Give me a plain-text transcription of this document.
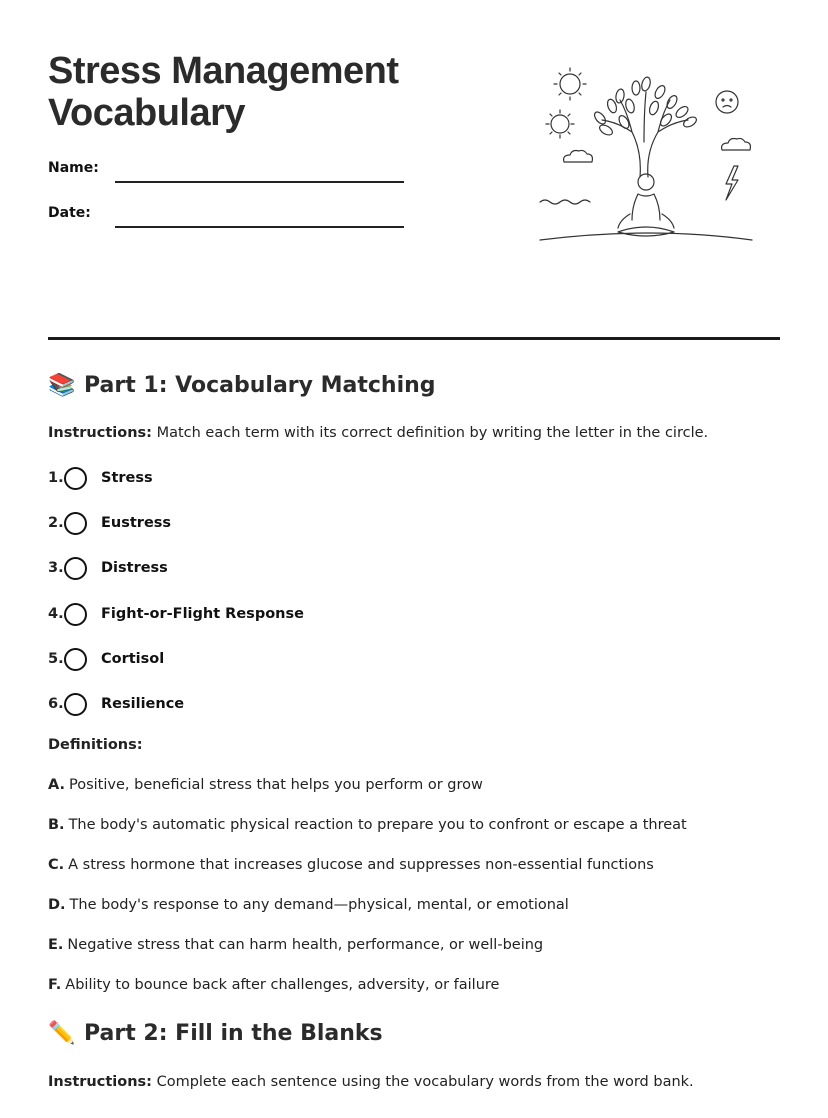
Stress Management
Vocabulary
Name:
Date:
📚 Part 1: Vocabulary Matching
Instructions: Match each term with its correct definition by writing the letter in the circle.
1.	Stress
2.	Eustress
3.	Distress
4.	Fight-or-Flight Response
5.	Cortisol
6.	Resilience
Definitions:
A. Positive, beneficial stress that helps you perform or grow
B. The body's automatic physical reaction to prepare you to confront or escape a threat
C. A stress hormone that increases glucose and suppresses non-essential functions
D. The body's response to any demand—physical, mental, or emotional
E. Negative stress that can harm health, performance, or well-being
F. Ability to bounce back after challenges, adversity, or failure
✏️ Part 2: Fill in the Blanks
Instructions: Complete each sentence using the vocabulary words from the word bank.
